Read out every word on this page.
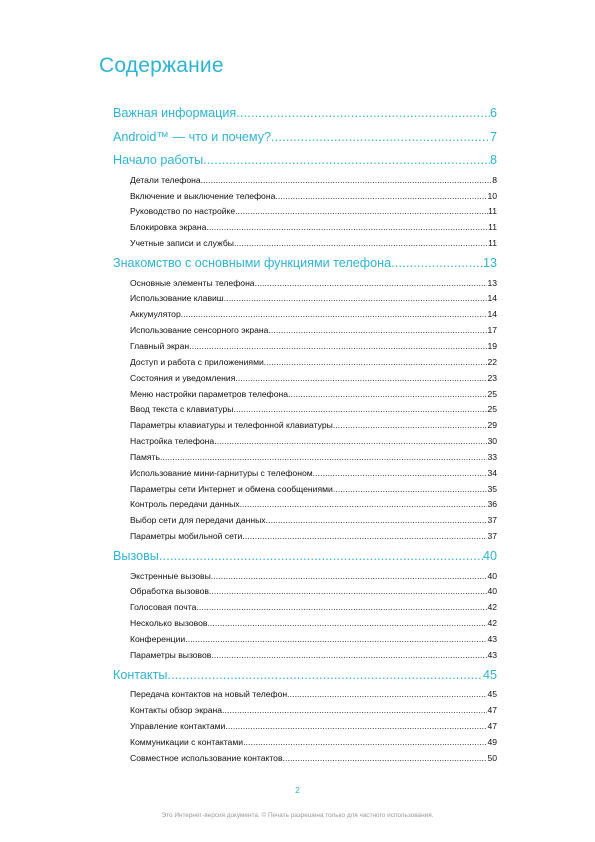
Содержание
Важная информация .....	6
Android™ — что и почему? .....	7
Начало работы .....	8
Детали телефона .....	8
Включение и выключение телефона .....	10
Руководство по настройке .....	11
Блокировка экрана .....	11
Учетные записи и службы .....	11
Знакомство с основными функциями телефона .....	13
Основные элементы телефона .....	13
Использование клавиш .....	14
Аккумулятор .....	14
Использование сенсорного экрана .....	17
Главный экран .....	19
Доступ и работа с приложениями .....	22
Состояния и уведомления .....	23
Меню настройки параметров телефона .....	25
Ввод текста с клавиатуры .....	25
Параметры клавиатуры и телефонной клавиатуры .....	29
Настройка телефона .....	30
Память .....	33
Использование мини-гарнитуры с телефоном .....	34
Параметры сети Интернет и обмена сообщениями .....	35
Контроль передачи данных .....	36
Выбор сети для передачи данных .....	37
Параметры мобильной сети .....	37
Вызовы .....	40
Экстренные вызовы .....	40
Обработка вызовов .....	40
Голосовая почта .....	42
Несколько вызовов .....	42
Конференции .....	43
Параметры вызовов .....	43
Контакты .....	45
Передача контактов на новый телефон .....	45
Контакты обзор экрана .....	47
Управление контактами .....	47
Коммуникации с контактами .....	49
Совместное использование контактов .....	50
2
Это Интернет-версия документа. © Печать разрешена только для частного использования.
